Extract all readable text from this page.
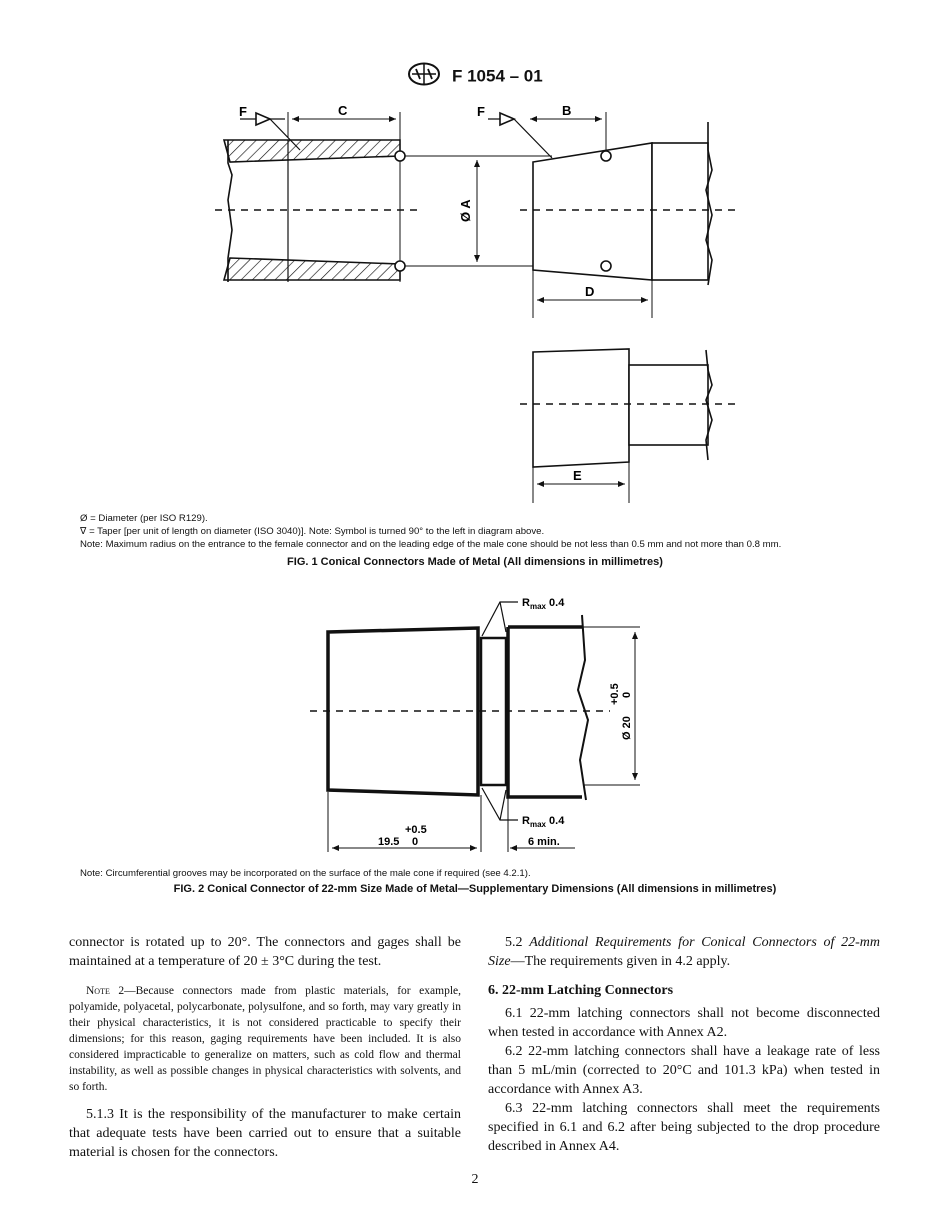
F 1054 – 01
F	C	F	B
Ø A
D
E
Ø = Diameter (per ISO R129).
∇ = Taper [per unit of length on diameter (ISO 3040)]. Note: Symbol is turned 90° to the left in diagram above.
Note: Maximum radius on the entrance to the female connector and on the leading edge of the male cone should be not less than 0.5 mm and not more than 0.8 mm.
FIG. 1 Conical Connectors Made of Metal (All dimensions in millimetres)
$R_{max}$ 0.4
$R_{max}$ 0.4
19.5
+0.5
0	6 min.
Ø 20
+0.5 0
Note: Circumferential grooves may be incorporated on the surface of the male cone if required (see 4.2.1).
FIG. 2 Conical Connector of 22-mm Size Made of Metal—Supplementary Dimensions (All dimensions in millimetres)

connector is rotated up to 20°. The connectors and gages shall be maintained at a temperature of 20 ± 3°C during the test.

Note 2—Because connectors made from plastic materials, for example, polyamide, polyacetal, polycarbonate, polysulfone, and so forth, may vary greatly in their physical characteristics, it is not considered practicable to specify their dimensions; for this reason, gaging requirements have been included. It is also considered impracticable to generalize on matters, such as cold flow and thermal instability, as well as possible changes in physical characteristics with solvents, and so forth.

5.1.3 It is the responsibility of the manufacturer to make certain that adequate tests have been carried out to ensure that a suitable material is chosen for the connectors.

5.2 Additional Requirements for Conical Connectors of 22-mm Size—The requirements given in 4.2 apply.

6. 22-mm Latching Connectors

6.1 22-mm latching connectors shall not become disconnected when tested in accordance with Annex A2.

6.2 22-mm latching connectors shall have a leakage rate of less than 5 mL/min (corrected to 20°C and 101.3 kPa) when tested in accordance with Annex A3.

6.3 22-mm latching connectors shall meet the requirements specified in 6.1 and 6.2 after being subjected to the drop procedure described in Annex A4.

2
